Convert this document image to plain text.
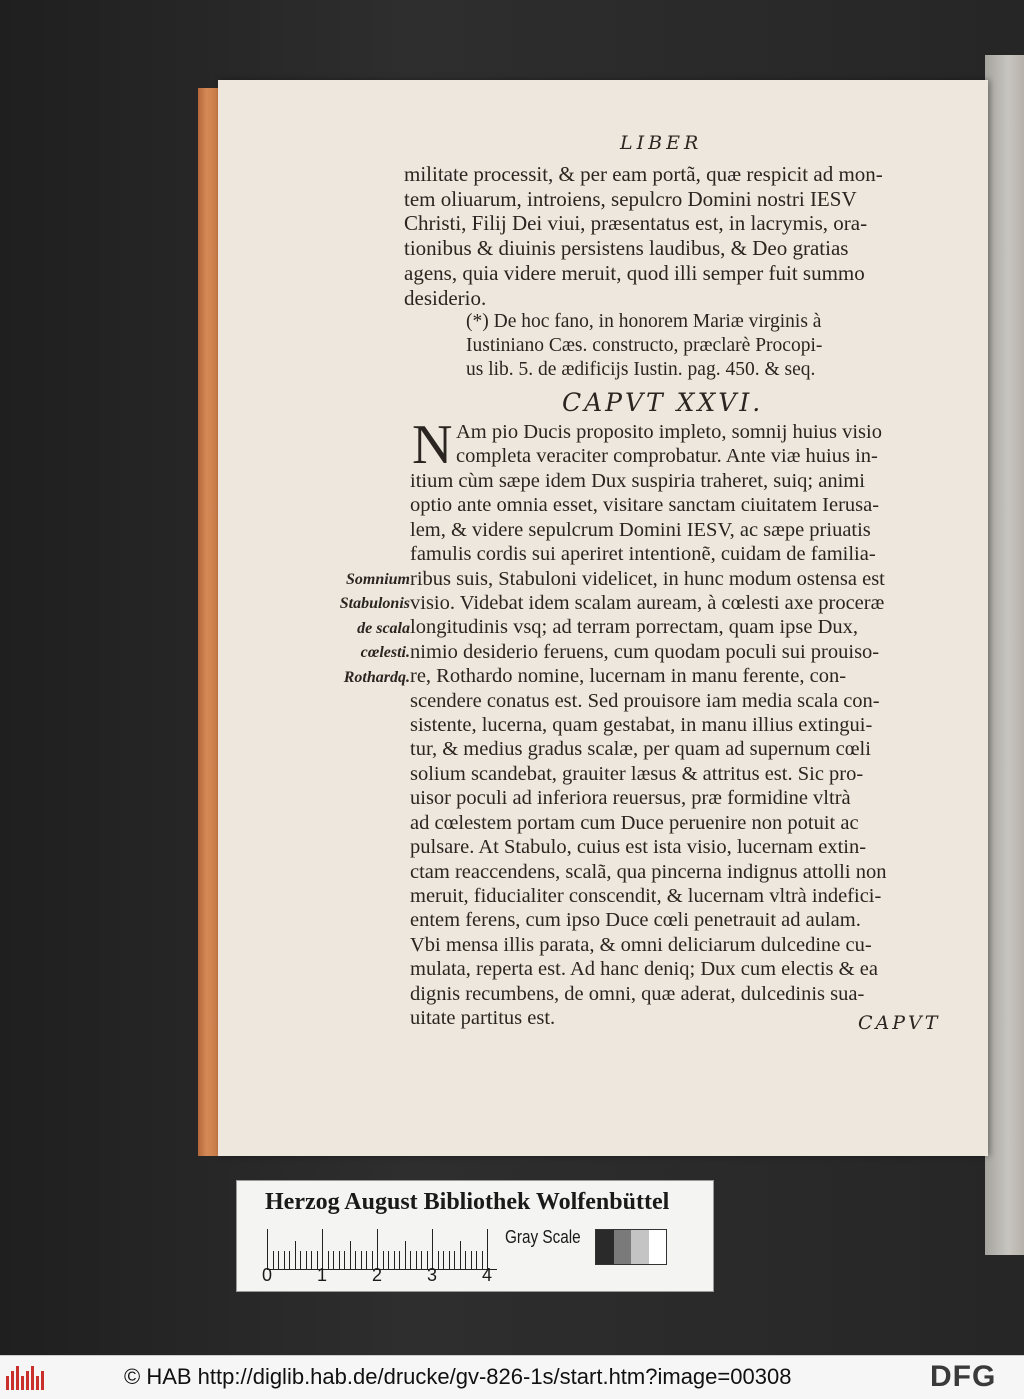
LIBER
militate processit, & per eam portã, quæ respicit ad mon-
tem oliuarum, introiens, sepulcro Domini nostri IESV
Christi, Filij Dei viui, præsentatus est, in lacrymis, ora-
tionibus & diuinis persistens laudibus, & Deo gratias
agens, quia videre meruit, quod illi semper fuit summo
desiderio.
(*) De hoc fano, in honorem Mariæ virginis à
Iustiniano Cæs. constructo, præclarè Procopi-
us lib. 5. de ædificijs Iustin. pag. 450. & seq.
CAPVT XXVI.
N Am pio Ducis proposito impleto, somnij huius visio
completa veraciter comprobatur. Ante viæ huius in-
itium cùm sæpe idem Dux suspiria traheret, suiq; animi
optio ante omnia esset, visitare sanctam ciuitatem Ierusa-
lem, & videre sepulcrum Domini IESV, ac sæpe priuatis
famulis cordis sui aperiret intentionẽ, cuidam de familia-
ribus suis, Stabuloni videlicet, in hunc modum ostensa est
visio. Videbat idem scalam auream, à cœlesti axe proceræ
longitudinis vsq; ad terram porrectam, quam ipse Dux,
nimio desiderio feruens, cum quodam poculi sui prouiso-
re, Rothardo nomine, lucernam in manu ferente, con-
scendere conatus est. Sed prouisore iam media scala con-
sistente, lucerna, quam gestabat, in manu illius extingui-
tur, & medius gradus scalæ, per quam ad supernum cœli
solium scandebat, grauiter læsus & attritus est. Sic pro-
uisor poculi ad inferiora reuersus, præ formidine vltrà
ad cœlestem portam cum Duce peruenire non potuit ac
pulsare. At Stabulo, cuius est ista visio, lucernam extin-
ctam reaccendens, scalã, qua pincerna indignus attolli non
meruit, fiducialiter conscendit, & lucernam vltrà indefici-
entem ferens, cum ipso Duce cœli penetrauit ad aulam.
Vbi mensa illis parata, & omni deliciarum dulcedine cu-
mulata, reperta est. Ad hanc deniq; Dux cum electis & ea
dignis recumbens, de omni, quæ aderat, dulcedinis sua-
uitate partitus est.
Somnium
Stabulonis
de scala
cœlesti.
Rothardq.
CAPVT
Herzog August Bibliothek Wolfenbüttel
0 1 2 3 4
Gray Scale
© HAB http://diglib.hab.de/drucke/gv-826-1s/start.htm?image=00308	DFG
